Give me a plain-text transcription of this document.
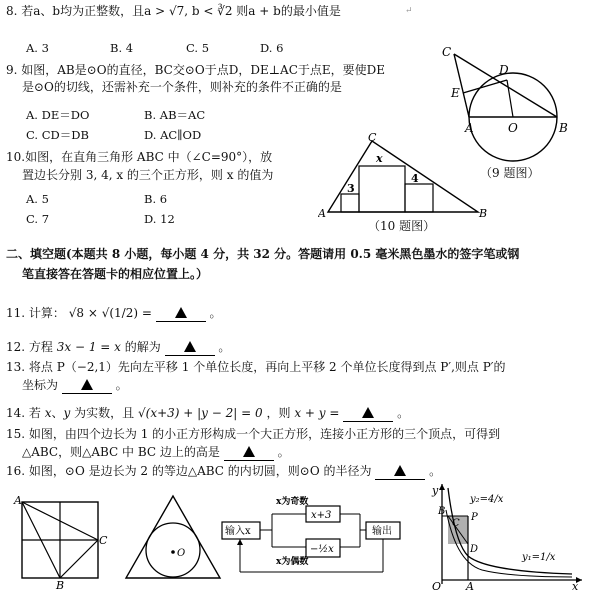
8. 若a、b均为正整数，且a > √7, b < ∛2 则a + b的最小值是	↵
A. 3	B. 4	C. 5	D. 6
9. 如图，AB是⊙O的直径，BC交⊙O于点D，DE⊥AC于点E，要使DE
是⊙O的切线，还需补充一个条件，则补充的条件不正确的是
A. DE＝DO	B. AB＝AC
C. CD＝DB	D. AC∥OD
C
D
E
A	O	B
（9 题图）
10.如图，在直角三角形 ABC 中（∠C=90°），放
置边长分别 3, 4, x 的三个正方形，则 x 的值为
A. 5	B. 6
C. 7	D. 12
C
x
3
4
A	B
（10 题图）
二、填空题(本题共 8 小题，每小题 4 分，共 32 分。答题请用 0.5 毫米黑色墨水的签字笔或钢
笔直接答在答题卡的相应位置上。）
11. 计算： √8 × √(1/2) =	。
12. 方程 3x − 1 = x 的解为	。
13. 将点 P（−2,1）先向左平移 1 个单位长度，再向上平移 2 个单位长度得到点 P′,则点 P′的
坐标为	。
14. 若 x、y 为实数，且 √(x+3) + |y − 2| = 0 ，则 x + y =	。
15. 如图，由四个边长为 1 的小正方形构成一个大正方形，连接小正方形的三个顶点，可得到
△ABC，则△ABC 中 BC 边上的高是	。
16. 如图，⊙O 是边长为 2 的等边△ABC 的内切圆，则⊙O 的半径为	。
A
C
B
O
输入x
x为奇数
x为偶数
x+3
−½x
输出
y
x
O A
B
C
P
D
y₂=4/x
y₁=1/x
